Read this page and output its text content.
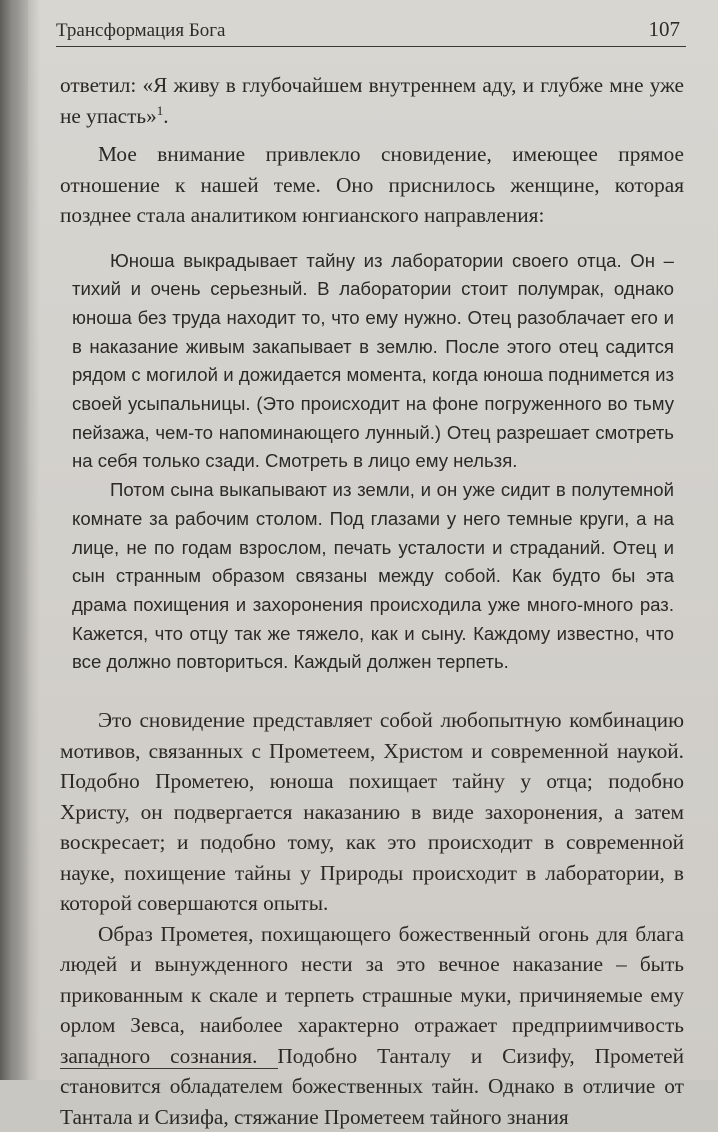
Трансформация Бога	107

ответил: «Я живу в глубочайшем внутреннем аду, и глубже мне уже не упасть»$^1$.

Мое внимание привлекло сновидение, имеющее прямое отношение к нашей теме. Оно приснилось женщине, которая позднее стала аналитиком юнгианского направления:

Юноша выкрадывает тайну из лаборатории своего отца. Он – тихий и очень серьезный. В лаборатории стоит полумрак, однако юноша без труда находит то, что ему нужно. Отец разоблачает его и в наказание живым закапывает в землю. После этого отец садится рядом с могилой и дожидается момента, когда юноша поднимется из своей усыпальницы. (Это происходит на фоне погруженного во тьму пейзажа, чем-то напоминающего лунный.) Отец разрешает смотреть на себя только сзади. Смотреть в лицо ему нельзя.

Потом сына выкапывают из земли, и он уже сидит в полутемной комнате за рабочим столом. Под глазами у него темные круги, а на лице, не по годам взрослом, печать усталости и страданий. Отец и сын странным образом связаны между собой. Как будто бы эта драма похищения и захоронения происходила уже много-много раз. Кажется, что отцу так же тяжело, как и сыну. Каждому известно, что все должно повториться. Каждый должен терпеть.

Это сновидение представляет собой любопытную комбинацию мотивов, связанных с Прометеем, Христом и современной наукой. Подобно Прометею, юноша похищает тайну у отца; подобно Христу, он подвергается наказанию в виде захоронения, а затем воскресает; и подобно тому, как это происходит в современной науке, похищение тайны у Природы происходит в лаборатории, в которой совершаются опыты.

Образ Прометея, похищающего божественный огонь для блага людей и вынужденного нести за это вечное наказание – быть прикованным к скале и терпеть страшные муки, причиняемые ему орлом Зевса, наиболее характерно отражает предприимчивость западного сознания. Подобно Танталу и Сизифу, Прометей становится обладателем божественных тайн. Однако в отличие от Тантала и Сизифа, стяжание Прометеем тайного знания
